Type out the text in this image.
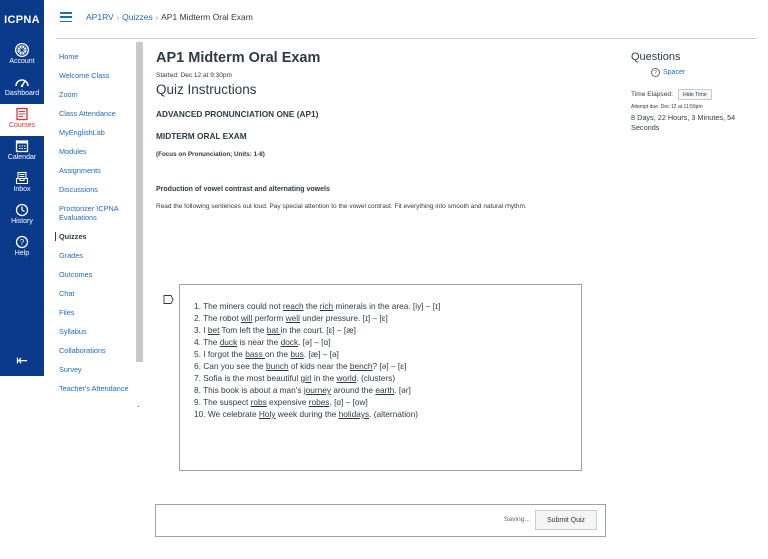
ICPNA
Account
Dashboard
Courses
Calendar
Inbox
History
?
Help
⇤
AP1RV › Quizzes › AP1 Midterm Oral Exam
Home
Welcome Class
Zoom
Class Attendance
MyEnglishLab
Modules
Assignments
Discussions
Proctorizer ICPNA Evaluations
Quizzes
Grades
Outcomes
Chat
Files
Syllabus
Collaborations
Survey
Teacher's Attendance
⌄
AP1 Midterm Oral Exam
Started: Dec 12 at 9:30pm
Quiz Instructions
ADVANCED PRONUNCIATION ONE (AP1)
MIDTERM ORAL EXAM
(Focus on Pronunciation; Units: 1-8)
Production of vowel contrast and alternating vowels
Read the following sentences out loud. Pay special attention to the vowel contrast. Fit everything into smooth and natural rhythm.
1. The miners could not reach the rich minerals in the area. [iy] – [ɪ]
2. The robot will perform well under pressure. [ɪ] – [ɛ]
3. I bet Tom left the bat in the court. [ɛ] – [æ]
4. The duck is near the dock. [ə] – [ɑ]
5. I forgot the bass on the bus. [æ] – [ə]
6. Can you see the bunch of kids near the bench? [ə] – [ɛ]
7. Sofia is the most beautiful girl in the world. (clusters)
8. This book is about a man's journey around the earth. [ər]
9. The suspect robs expensive robes. [ɑ] – [ow]
10. We celebrate Holy week during the holidays. (alternation)
Saving...	Submit Quiz
Questions
? Spacer
Time Elapsed:	Hide Time
Attempt due: Dec 12 at 11:59pm
8 Days, 22 Hours, 3 Minutes, 54 Seconds
